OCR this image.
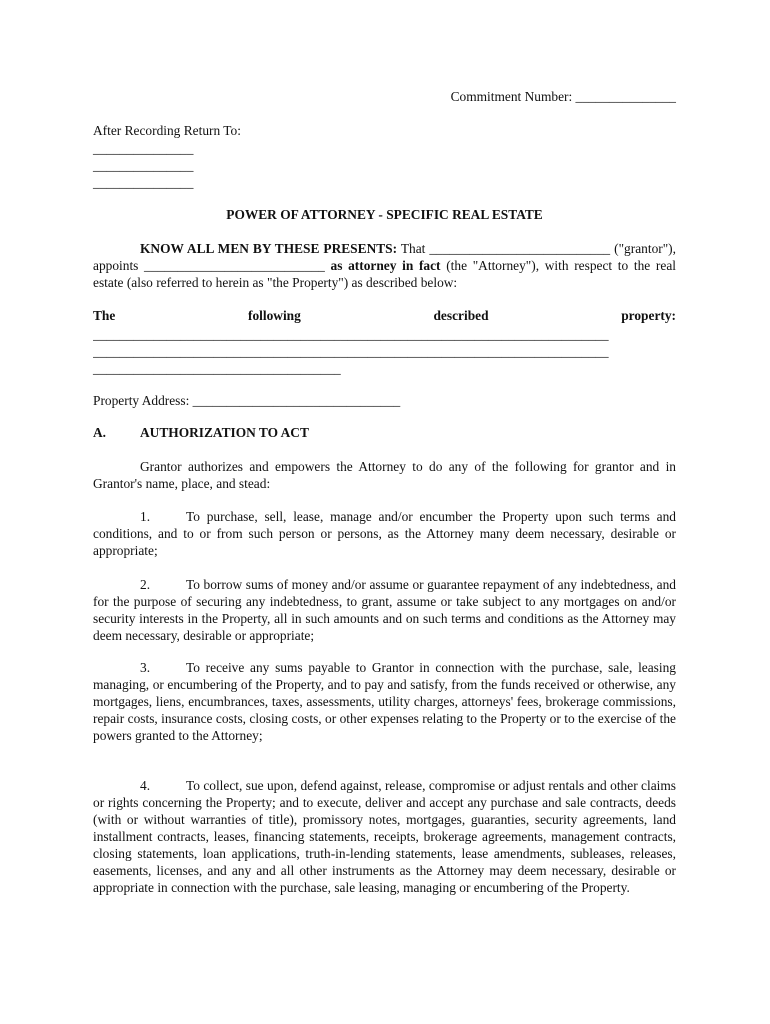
Commitment Number: _______________

After Recording Return To:

_______________

_______________

_______________

POWER OF ATTORNEY - SPECIFIC REAL ESTATE

KNOW ALL MEN BY THESE PRESENTS: That ___________________________ ("grantor"), appoints ___________________________ as attorney in fact (the "Attorney"), with respect to the real estate (also referred to herein as "the Property") as described below:

The following described property:

_____________________________________________________________________________

_____________________________________________________________________________

_____________________________________

Property Address: _______________________________

A.	AUTHORIZATION TO ACT

Grantor authorizes and empowers the Attorney to do any of the following for grantor and in Grantor's name, place, and stead:

1.	To purchase, sell, lease, manage and/or encumber the Property upon such terms and conditions, and to or from such person or persons, as the Attorney many deem necessary, desirable or appropriate;

2.	To borrow sums of money and/or assume or guarantee repayment of any indebtedness, and for the purpose of securing any indebtedness, to grant, assume or take subject to any mortgages on and/or security interests in the Property, all in such amounts and on such terms and conditions as the Attorney may deem necessary, desirable or appropriate;

3.	To receive any sums payable to Grantor in connection with the purchase, sale, leasing managing, or encumbering of the Property, and to pay and satisfy, from the funds received or otherwise, any mortgages, liens, encumbrances, taxes, assessments, utility charges, attorneys' fees, brokerage commissions, repair costs, insurance costs, closing costs, or other expenses relating to the Property or to the exercise of the powers granted to the Attorney;

4.	To collect, sue upon, defend against, release, compromise or adjust rentals and other claims or rights concerning the Property; and to execute, deliver and accept any purchase and sale contracts, deeds (with or without warranties of title), promissory notes, mortgages, guaranties, security agreements, land installment contracts, leases, financing statements, receipts, brokerage agreements, management contracts, closing statements, loan applications, truth-in-lending statements, lease amendments, subleases, releases, easements, licenses, and any and all other instruments as the Attorney may deem necessary, desirable or appropriate in connection with the purchase, sale leasing, managing or encumbering of the Property.
